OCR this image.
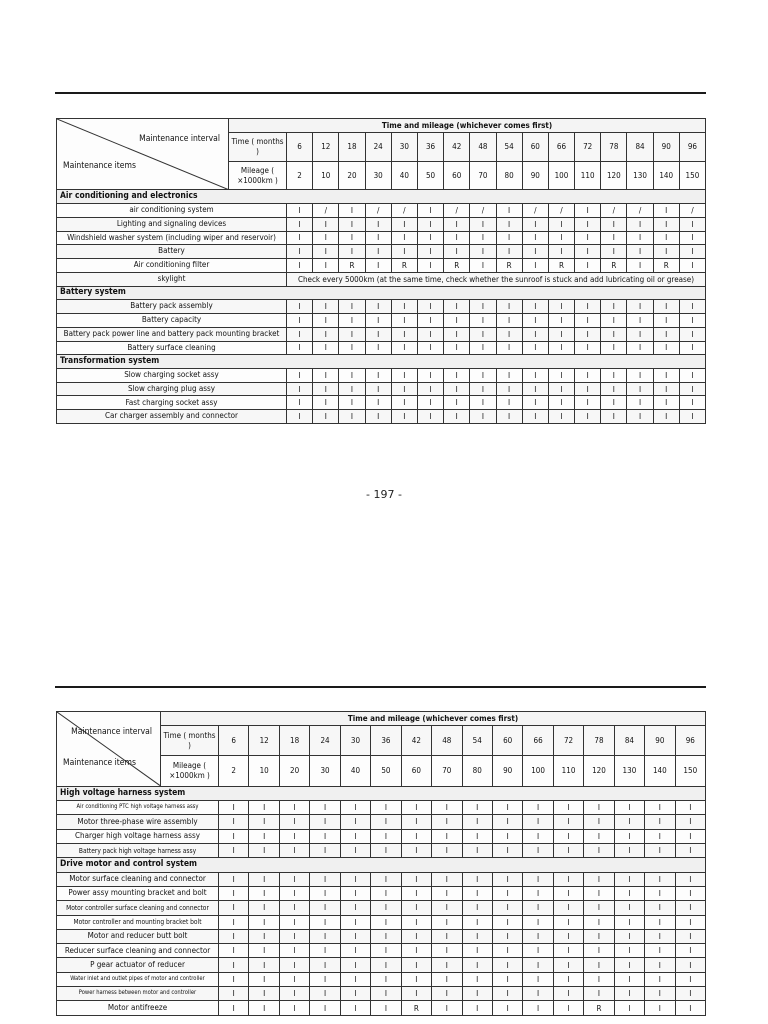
Maintenance interval
Maintenance items	Time and mileage (whichever comes first)																
	Time ( months )	6	12	18	24	30	36	42	48	54	60	66	72	78	84	90	96
	Mileage ( ×1000km )	2	10	20	30	40	50	60	70	80	90	100	110	120	130	140	150
Air conditioning and electronics																	
air conditioning system		I	/	I	/	/	I	/	/	I	/	/	I	/	/	I	/
Lighting and signaling devices		I	I	I	I	I	I	I	I	I	I	I	I	I	I	I	I
Windshield washer system (including wiper and reservoir)		I	I	I	I	I	I	I	I	I	I	I	I	I	I	I	I
Battery		I	I	I	I	I	I	I	I	I	I	I	I	I	I	I	I
Air conditioning filter		I	I	R	I	R	I	R	I	R	I	R	I	R	I	R	I
skylight		Check every 5000km (at the same time, check whether the sunroof is stuck and add lubricating oil or grease)															
Battery system																	
Battery pack assembly		I	I	I	I	I	I	I	I	I	I	I	I	I	I	I	I
Battery capacity		I	I	I	I	I	I	I	I	I	I	I	I	I	I	I	I
Battery pack power line and battery pack mounting bracket		I	I	I	I	I	I	I	I	I	I	I	I	I	I	I	I
Battery surface cleaning		I	I	I	I	I	I	I	I	I	I	I	I	I	I	I	I
Transformation system																	
Slow charging socket assy		I	I	I	I	I	I	I	I	I	I	I	I	I	I	I	I
Slow charging plug assy		I	I	I	I	I	I	I	I	I	I	I	I	I	I	I	I
Fast charging socket assy		I	I	I	I	I	I	I	I	I	I	I	I	I	I	I	I
Car charger assembly and connector		I	I	I	I	I	I	I	I	I	I	I	I	I	I	I	I
- 197 -
Maintenance interval
Maintenance items	Time and mileage (whichever comes first)																
	Time ( months )	6	12	18	24	30	36	42	48	54	60	66	72	78	84	90	96
	Mileage ( ×1000km )	2	10	20	30	40	50	60	70	80	90	100	110	120	130	140	150
High voltage harness system																	
Air conditioning PTC high voltage harness assy		I	I	I	I	I	I	I	I	I	I	I	I	I	I	I	I
Motor three-phase wire assembly		I	I	I	I	I	I	I	I	I	I	I	I	I	I	I	I
Charger high voltage harness assy		I	I	I	I	I	I	I	I	I	I	I	I	I	I	I	I
Battery pack high voltage harness assy		I	I	I	I	I	I	I	I	I	I	I	I	I	I	I	I
Drive motor and control system																	
Motor surface cleaning and connector		I	I	I	I	I	I	I	I	I	I	I	I	I	I	I	I
Power assy mounting bracket and bolt		I	I	I	I	I	I	I	I	I	I	I	I	I	I	I	I
Motor controller surface cleaning and connector		I	I	I	I	I	I	I	I	I	I	I	I	I	I	I	I
Motor controller and mounting bracket bolt		I	I	I	I	I	I	I	I	I	I	I	I	I	I	I	I
Motor and reducer butt bolt		I	I	I	I	I	I	I	I	I	I	I	I	I	I	I	I
Reducer surface cleaning and connector		I	I	I	I	I	I	I	I	I	I	I	I	I	I	I	I
P gear actuator of reducer		I	I	I	I	I	I	I	I	I	I	I	I	I	I	I	I
Water inlet and outlet pipes of motor and controller		I	I	I	I	I	I	I	I	I	I	I	I	I	I	I	I
Power harness between motor and controller		I	I	I	I	I	I	I	I	I	I	I	I	I	I	I	I
Motor antifreeze		I	I	I	I	I	I	R	I	I	I	I	I	R	I	I	I
